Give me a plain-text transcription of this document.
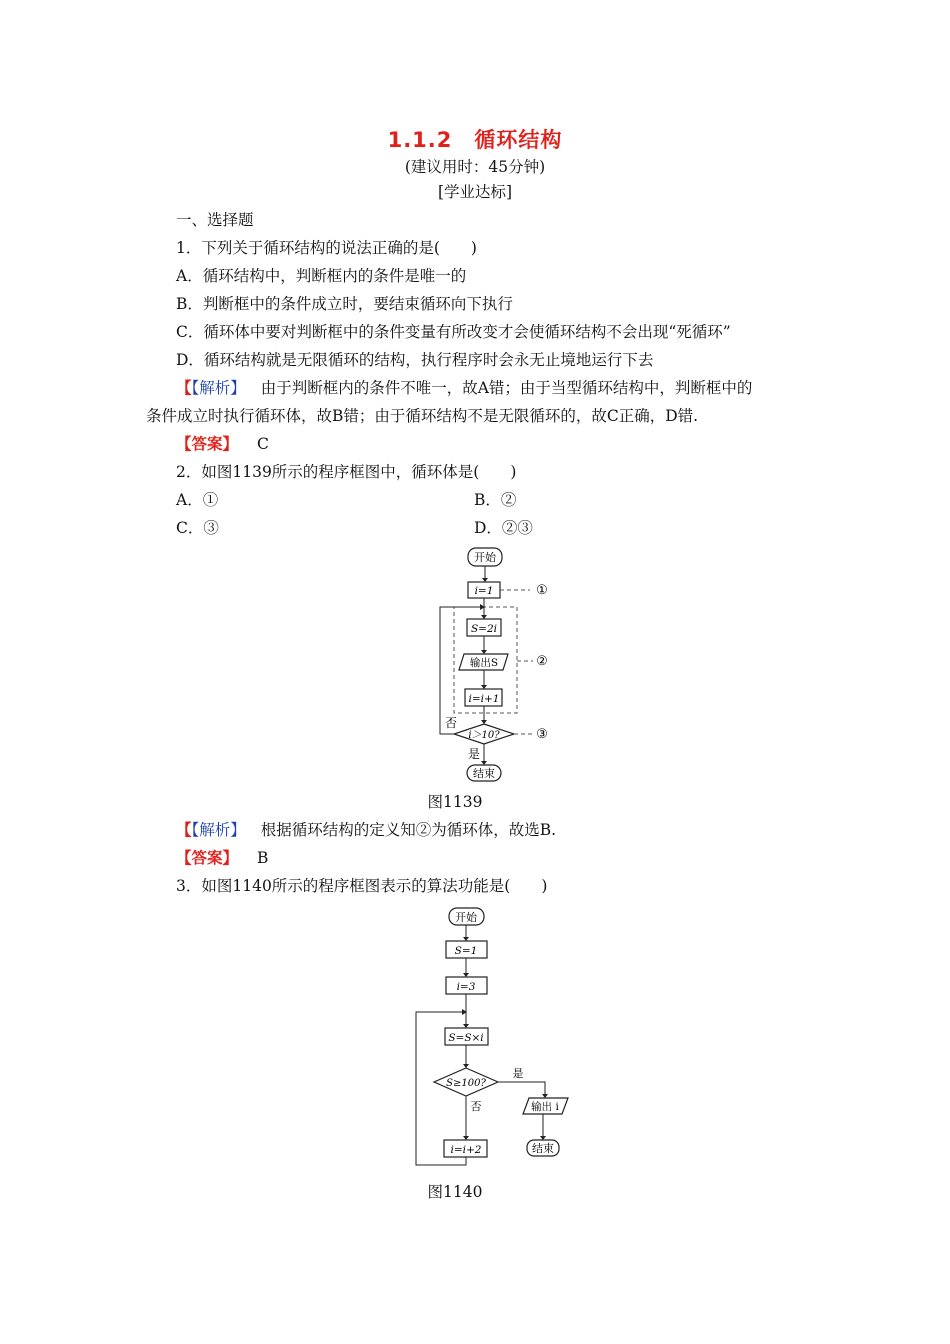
1.1.2　循环结构
(建议用时：45分钟)
[学业达标]
一、选择题
1．下列关于循环结构的说法正确的是(　　)
A．循环结构中，判断框内的条件是唯一的
B．判断框中的条件成立时，要结束循环向下执行
C．循环体中要对判断框中的条件变量有所改变才会使循环结构不会出现“死循环”
D．循环结构就是无限循环的结构，执行程序时会永无止境地运行下去
【【解析】 由于判断框内的条件不唯一，故A错；由于当型循环结构中，判断框中的
条件成立时执行循环体，故B错；由于循环结构不是无限循环的，故C正确，D错.
【答案】 C
2．如图1139所示的程序框图中，循环体是(　　)
A．①	B．②
C．③	D．②③
开始
i=1	①
②
S=2i
输出S
i=i+1
i＞10?	③
否
是
结束
图1139
【【解析】 根据循环结构的定义知②为循环体，故选B.
【答案】 B
3．如图1140所示的程序框图表示的算法功能是(　　)
开始
S=1
i=3
S=S×i
S≥100?
是
输出 i
结束
否
i=i+2
图1140
